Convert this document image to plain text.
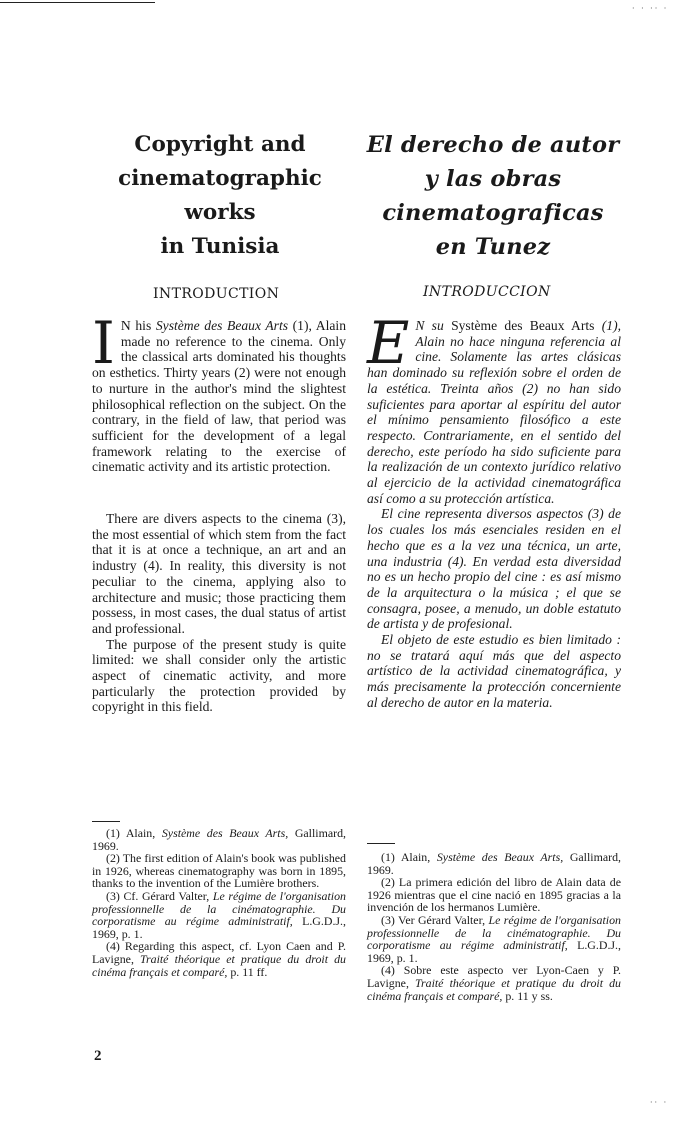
· · ·· ·
Copyright and
cinematographic
works
in Tunisia
INTRODUCTION

I N his Système des Beaux Arts (1), Alain made no reference to the cinema. Only the classical arts dominated his thoughts on esthetics. Thirty years (2) were not enough to nurture in the author's mind the slightest philosophical reflection on the subject. On the contrary, in the field of law, that period was sufficient for the development of a legal framework relating to the exercise of cinematic activity and its artistic protection.

There are divers aspects to the cinema (3), the most essential of which stem from the fact that it is at once a technique, an art and an industry (4). In reality, this diversity is not peculiar to the cinema, applying also to architecture and music; those practicing them possess, in most cases, the dual status of artist and professional.

The purpose of the present study is quite limited: we shall consider only the artistic aspect of cinematic activity, and more particularly the protection provided by copyright in this field.

(1) Alain, Système des Beaux Arts, Gallimard, 1969.

(2) The first edition of Alain's book was published in 1926, whereas cinematography was born in 1895, thanks to the invention of the Lumière brothers.

(3) Cf. Gérard Valter, Le régime de l'organisation professionnelle de la cinématographie. Du corporatisme au régime administratif, L.G.D.J., 1969, p. 1.

(4) Regarding this aspect, cf. Lyon Caen and P. Lavigne, Traité théorique et pratique du droit du cinéma français et comparé, p. 11 ff.

El derecho de autor
y las obras
cinematograficas
en Tunez
INTRODUCCION

E N su Système des Beaux Arts (1), Alain no hace ninguna referencia al cine. Solamente las artes clásicas han dominado su reflexión sobre el orden de la estética. Treinta años (2) no han sido suficientes para aportar al espíritu del autor el mínimo pensamiento filosófico a este respecto. Contrariamente, en el sentido del derecho, este período ha sido suficiente para la realización de un contexto jurídico relativo al ejercicio de la actividad cinematográfica así como a su protección artística.

El cine representa diversos aspectos (3) de los cuales los más esenciales residen en el hecho que es a la vez una técnica, un arte, una industria (4). En verdad esta diversidad no es un hecho propio del cine : es así mismo de la arquitectura o la música ; el que se consagra, posee, a menudo, un doble estatuto de artista y de profesional.

El objeto de este estudio es bien limitado : no se tratará aquí más que del aspecto artístico de la actividad cinematográfica, y más precisamente la protección concerniente al derecho de autor en la materia.

(1) Alain, Système des Beaux Arts, Gallimard, 1969.

(2) La primera edición del libro de Alain data de 1926 mientras que el cine nació en 1895 gracias a la invención de los hermanos Lumière.

(3) Ver Gérard Valter, Le régime de l'organisation professionnelle de la cinématographie. Du corporatisme au régime administratif, L.G.D.J., 1969, p. 1.

(4) Sobre este aspecto ver Lyon-Caen y P. Lavigne, Traité théorique et pratique du droit du cinéma français et comparé, p. 11 y ss.

2
·· ·
